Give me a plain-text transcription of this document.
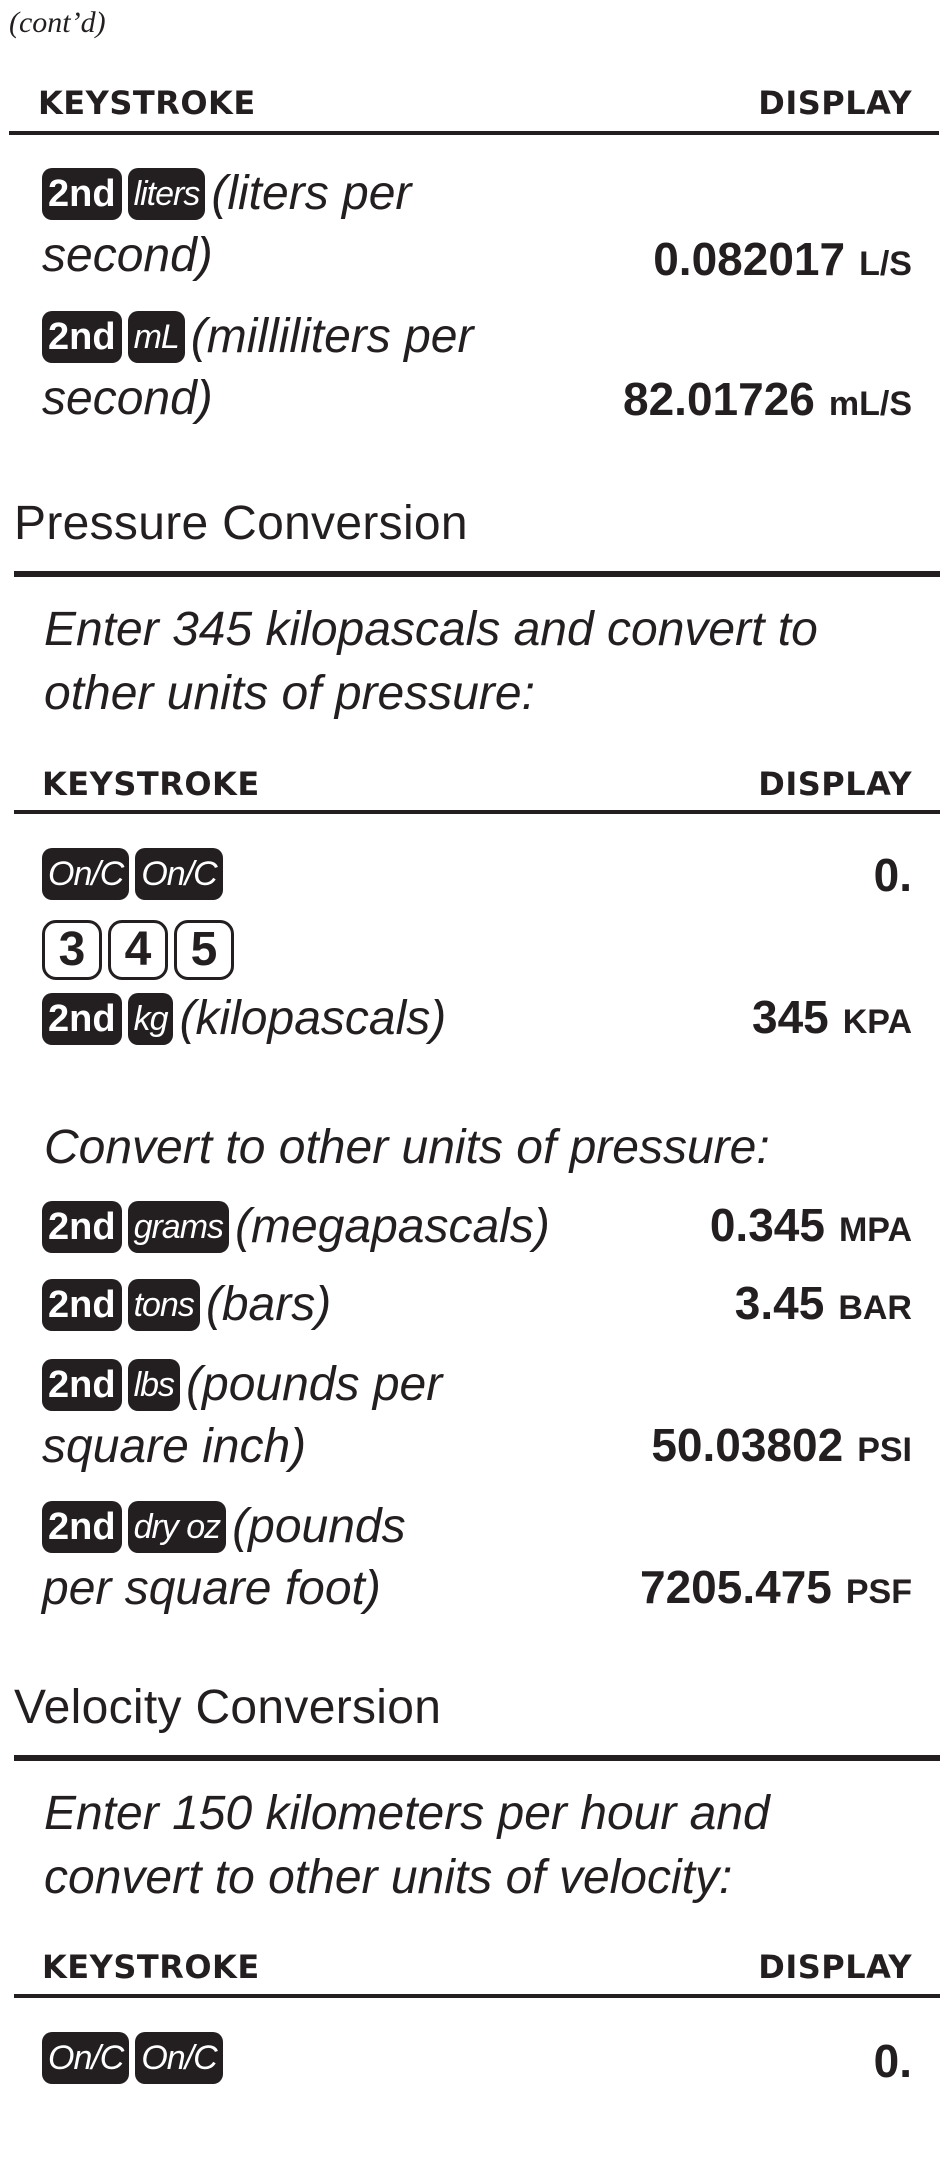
(cont’d)
KEYSTROKE	DISPLAY
2nd liters (liters per
second)	0.082017 L/S
2nd mL (milliliters per
second)	82.01726 mL/S
Pressure Conversion
Enter 345 kilopascals and convert to
other units of pressure:
KEYSTROKE	DISPLAY
On/C On/C	0.
3 4 5
2nd kg (kilopascals)	345 KPA
Convert to other units of pressure:
2nd grams (megapascals)	0.345 MPA
2nd tons (bars)	3.45 BAR
2nd lbs (pounds per
square inch)	50.03802 PSI
2nd dry oz (pounds
per square foot)	7205.475 PSF
Velocity Conversion
Enter 150 kilometers per hour and
convert to other units of velocity:
KEYSTROKE	DISPLAY
On/C On/C	0.
